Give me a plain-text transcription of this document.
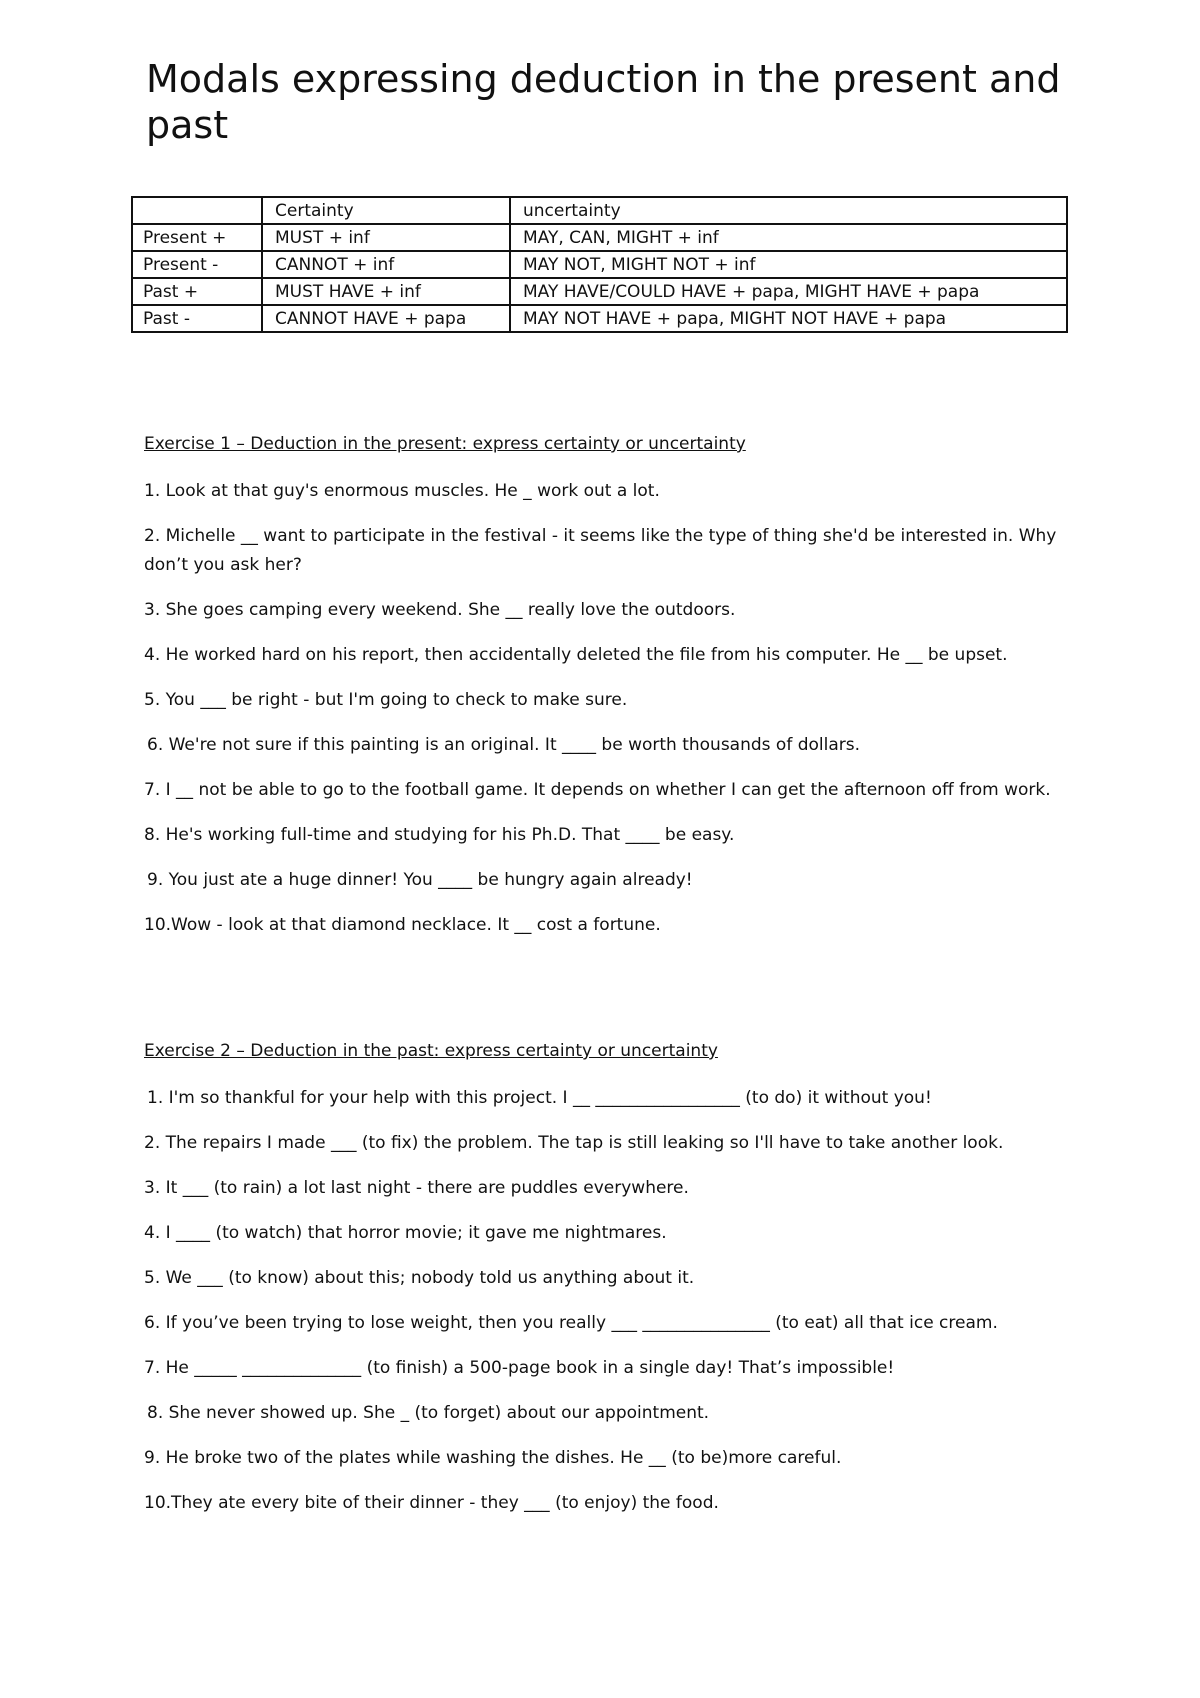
Modals expressing deduction in the present and past
	Certainty	uncertainty
Present +	MUST + inf	MAY, CAN, MIGHT + inf
Present -	CANNOT + inf	MAY NOT, MIGHT NOT + inf
Past +	MUST HAVE + inf	MAY HAVE/COULD HAVE + papa, MIGHT HAVE + papa
Past -	CANNOT HAVE + papa	MAY NOT HAVE + papa, MIGHT NOT HAVE + papa

Exercise 1 – Deduction in the present: express certainty or uncertainty

1. Look at that guy's enormous muscles. He _ work out a lot.

2. Michelle __ want to participate in the festival - it seems like the type of thing she'd be interested in. Why don’t you ask her?

3. She goes camping every weekend. She __ really love the outdoors.

4. He worked hard on his report, then accidentally deleted the file from his computer. He __ be upset.

5. You ___ be right - but I'm going to check to make sure.

6. We're not sure if this painting is an original. It ____ be worth thousands of dollars.

7. I __ not be able to go to the football game. It depends on whether I can get the afternoon off from work.

8. He's working full-time and studying for his Ph.D. That ____ be easy.

9. You just ate a huge dinner! You ____ be hungry again already!

10.Wow - look at that diamond necklace. It __ cost a fortune.

Exercise 2 – Deduction in the past: express certainty or uncertainty

1. I'm so thankful for your help with this project. I __ _________________ (to do) it without you!

2. The repairs I made ___ (to fix) the problem. The tap is still leaking so I'll have to take another look.

3. It ___ (to rain) a lot last night - there are puddles everywhere.

4. I ____ (to watch) that horror movie; it gave me nightmares.

5. We ___ (to know) about this; nobody told us anything about it.

6. If you’ve been trying to lose weight, then you really ___ _______________ (to eat) all that ice cream.

7. He _____ ______________ (to finish) a 500-page book in a single day! That’s impossible!

8. She never showed up. She _ (to forget) about our appointment.

9. He broke two of the plates while washing the dishes. He __ (to be)more careful.

10.They ate every bite of their dinner - they ___ (to enjoy) the food.
